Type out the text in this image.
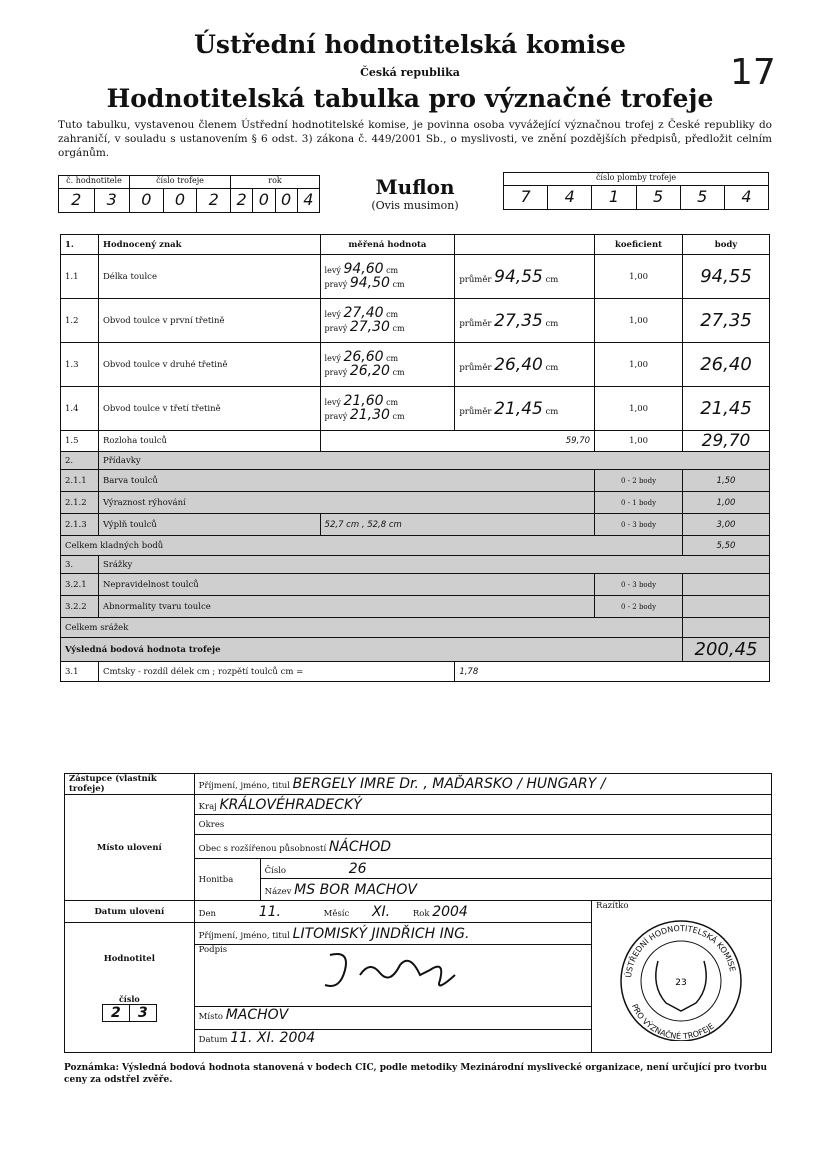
Ústřední hodnotitelská komise
Česká republika
Hodnotitelská tabulka pro význačné trofeje
17
Tuto tabulku, vystavenou členem Ústřední hodnotitelské komise, je povinna osoba vyvážející význačnou trofej z České republiky do zahraničí, v souladu s ustanovením § 6 odst. 3) zákona č. 449/2001 Sb., o myslivosti, ve znění pozdějších předpisů, předložit celním orgánům.
č. hodnotitele	číslo trofeje	rok
2	3	0	0	2	2 0 0 4
Muflon
(Ovis musimon)
číslo plomby trofeje
7	4	1	5	5	4
1.	Hodnocený znak	měřená hodnota		koeficient	body
1.1	Délka toulce	levý 94,60 cm
pravý 94,50 cm	průměr 94,55 cm	1,00	94,55
1.2	Obvod toulce v první třetině	levý 27,40 cm
pravý 27,30 cm	průměr 27,35 cm	1,00	27,35
1.3	Obvod toulce v druhé třetině	levý 26,60 cm
pravý 26,20 cm	průměr 26,40 cm	1,00	26,40
1.4	Obvod toulce v třetí třetině	levý 21,60 cm
pravý 21,30 cm	průměr 21,45 cm	1,00	21,45
1.5	Rozloha toulců	59,70		1,00	29,70
2.	Přídavky				
2.1.1	Barva toulců			0 - 2 body	1,50
2.1.2	Výraznost rýhování			0 - 1 body	1,00
2.1.3	Výplň toulců	52,7 cm , 52,8 cm		0 - 3 body	3,00
Celkem kladných bodů					5,50
3.	Srážky				
3.2.1	Nepravidelnost toulců			0 - 3 body	
3.2.2	Abnormality tvaru toulce			0 - 2 body	
Celkem srážek					
Výsledná bodová hodnota trofeje					200,45
3.1	Cmtsky - rozdíl délek cm ; rozpětí toulců cm =		1,78		
Zástupce (vlastník trofeje)	Příjmení, jméno, titul BERGELY IMRE Dr. , MAĎARSKO / HUNGARY /		
Místo ulovení	Kraj KRÁLOVÉHRADECKÝ		
	Okres		
	Obec s rozšířenou působností NÁCHOD		
	Honitba	Číslo 26	
		Název MS BOR MACHOV	
Datum ulovení	Den 11. Měsíc XI. Rok 2004		Razítko
ÚSTŘEDNÍ HODNOTITELSKÁ KOMISE
PRO VÝZNAČNÉ TROFEJE
23

Hodnotitel
číslo
2 3	Příjmení, jméno, titul LITOMISKÝ JINDŘICH ING.		
	Podpis		

	Místo MACHOV
Datum 11. XI. 2004		
Poznámka: Výsledná bodová hodnota stanovená v bodech CIC, podle metodiky Mezinárodní myslivecké organizace, není určující pro tvorbu ceny za odstřel zvěře.
